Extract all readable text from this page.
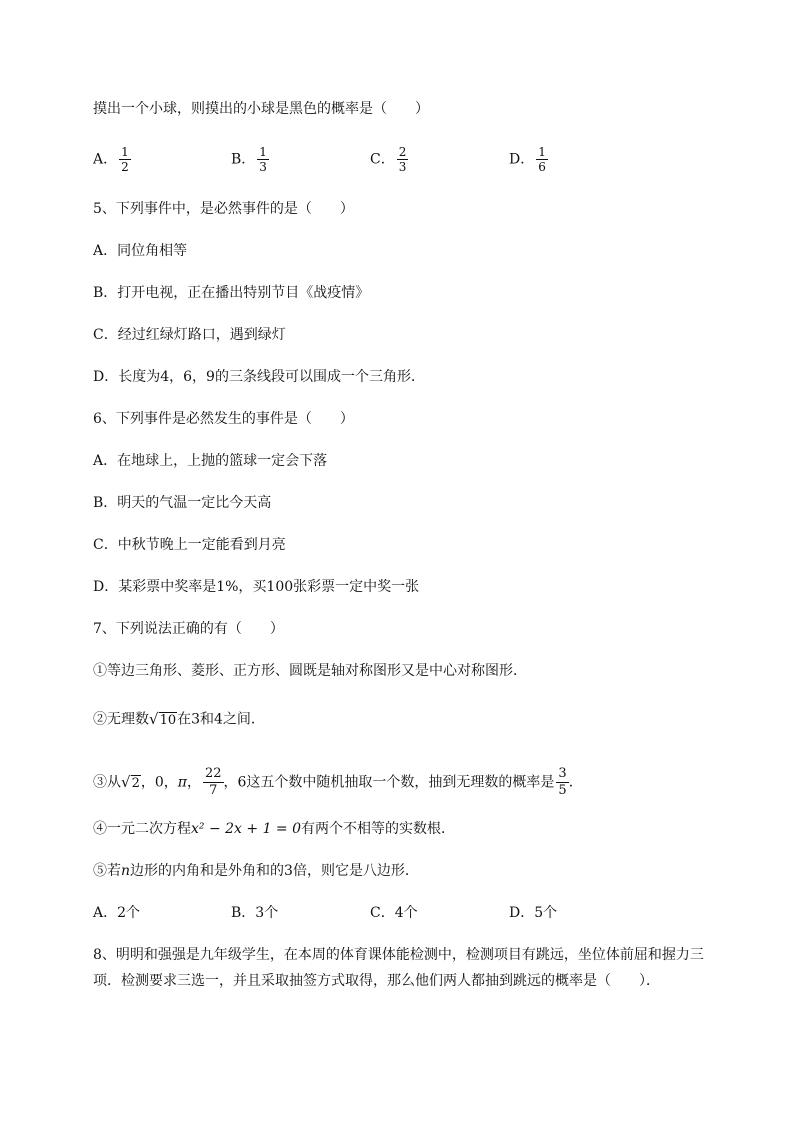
摸出一个小球，则摸出的小球是黑色的概率是（　　）
A． $\frac{1}{2}$	B． $\frac{1}{3}$	C． $\frac{2}{3}$	D． $\frac{1}{6}$
5、下列事件中，是必然事件的是（　　）
A．同位角相等
B．打开电视，正在播出特别节目《战疫情》
C．经过红绿灯路口，遇到绿灯
D．长度为4，6，9的三条线段可以围成一个三角形．
6、下列事件是必然发生的事件是（　　）
A．在地球上，上抛的篮球一定会下落
B．明天的气温一定比今天高
C．中秋节晚上一定能看到月亮
D．某彩票中奖率是1%，买100张彩票一定中奖一张
7、下列说法正确的有（　　）
①等边三角形、菱形、正方形、圆既是轴对称图形又是中心对称图形．
②无理数√10在3和4之间．
③从√2，0，π， $\frac{22}{7}$ ，6这五个数中随机抽取一个数，抽到无理数的概率是 $\frac{3}{5}$ ．
④一元二次方程x² − 2x + 1 = 0有两个不相等的实数根．
⑤若n边形的内角和是外角和的3倍，则它是八边形．
A．2个	B．3个	C．4个	D．5个
8、明明和强强是九年级学生，在本周的体育课体能检测中，检测项目有跳远，坐位体前屈和握力三
项．检测要求三选一，并且采取抽签方式取得，那么他们两人都抽到跳远的概率是（　　）．
